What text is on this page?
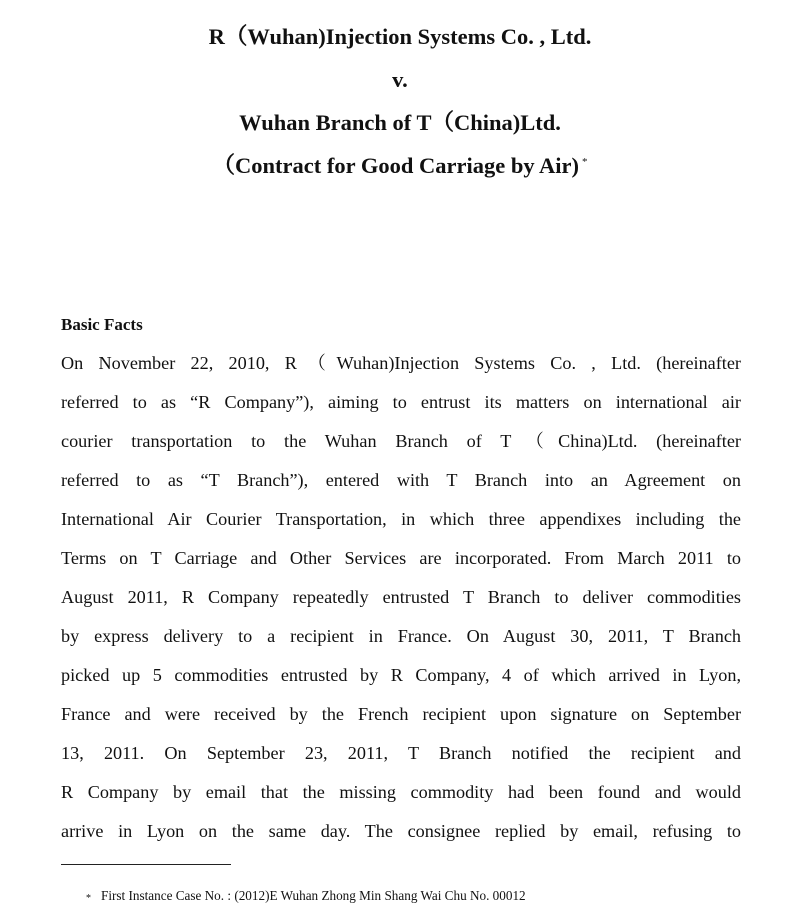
R（Wuhan)Injection Systems Co. , Ltd.
v.
Wuhan Branch of T（China)Ltd.
（Contract for Good Carriage by Air) *
Basic Facts
On November 22, 2010, R（Wuhan)Injection Systems Co. , Ltd. (hereinafter
referred to as “R Company”), aiming to entrust its matters on international air
courier transportation to the Wuhan Branch of T（China)Ltd. (hereinafter
referred to as “T Branch”), entered with T Branch into an Agreement on
International Air Courier Transportation, in which three appendixes including the
Terms on T Carriage and Other Services are incorporated. From March 2011 to
August 2011, R Company repeatedly entrusted T Branch to deliver commodities
by express delivery to a recipient in France. On August 30, 2011, T Branch
picked up 5 commodities entrusted by R Company, 4 of which arrived in Lyon,
France and were received by the French recipient upon signature on September
13, 2011. On September 23, 2011, T Branch notified the recipient and
R Company by email that the missing commodity had been found and would
arrive in Lyon on the same day. The consignee replied by email, refusing to
* First Instance Case No. : (2012)E Wuhan Zhong Min Shang Wai Chu No. 00012
